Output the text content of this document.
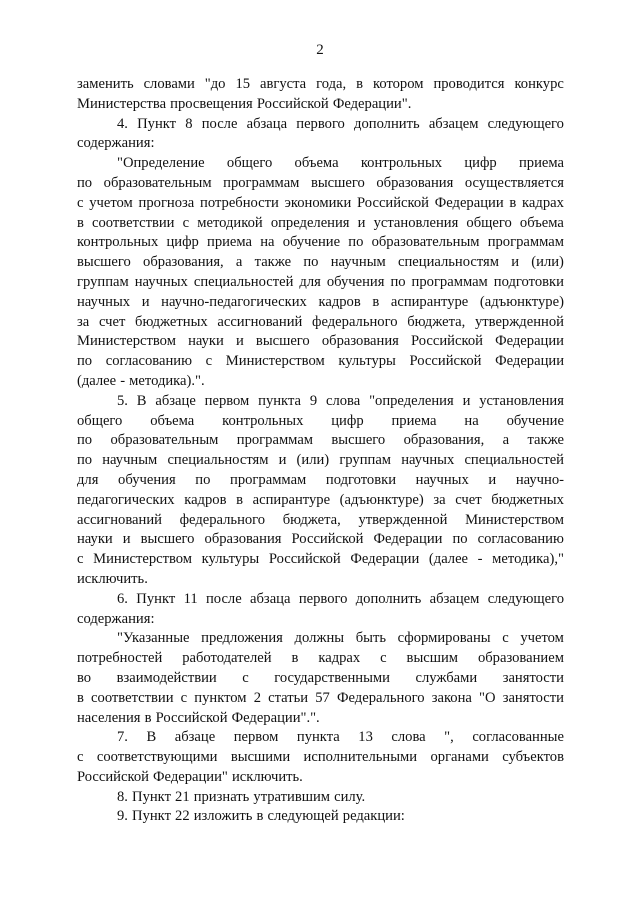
2
заменить словами "до 15 августа года, в котором проводится конкурс
Министерства просвещения Российской Федерации".
4. Пункт 8 после абзаца первого дополнить абзацем следующего
содержания:
"Определение общего объема контрольных цифр приема
по образовательным программам высшего образования осуществляется
с учетом прогноза потребности экономики Российской Федерации в кадрах
в соответствии с методикой определения и установления общего объема
контрольных цифр приема на обучение по образовательным программам
высшего образования, а также по научным специальностям и (или)
группам научных специальностей для обучения по программам подготовки
научных и научно-педагогических кадров в аспирантуре (адъюнктуре)
за счет бюджетных ассигнований федерального бюджета, утвержденной
Министерством науки и высшего образования Российской Федерации
по согласованию с Министерством культуры Российской Федерации
(далее - методика).".
5. В абзаце первом пункта 9 слова "определения и установления
общего объема контрольных цифр приема на обучение
по образовательным программам высшего образования, а также
по научным специальностям и (или) группам научных специальностей
для обучения по программам подготовки научных и научно-
педагогических кадров в аспирантуре (адъюнктуре) за счет бюджетных
ассигнований федерального бюджета, утвержденной Министерством
науки и высшего образования Российской Федерации по согласованию
с Министерством культуры Российской Федерации (далее - методика),"
исключить.
6. Пункт 11 после абзаца первого дополнить абзацем следующего
содержания:
"Указанные предложения должны быть сформированы с учетом
потребностей работодателей в кадрах с высшим образованием
во взаимодействии с государственными службами занятости
в соответствии с пунктом 2 статьи 57 Федерального закона "О занятости
населения в Российской Федерации".".
7. В абзаце первом пункта 13 слова ", согласованные
с соответствующими высшими исполнительными органами субъектов
Российской Федерации" исключить.
8. Пункт 21 признать утратившим силу.
9. Пункт 22 изложить в следующей редакции:
